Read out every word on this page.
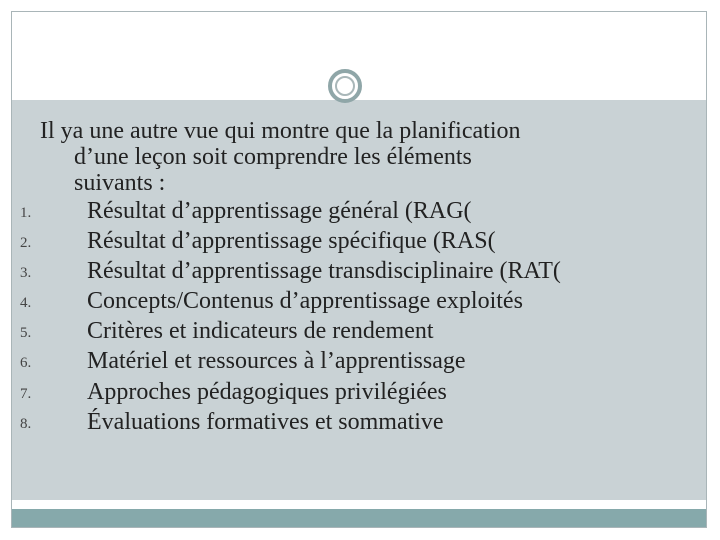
Il ya une autre vue qui montre que la planification
d’une leçon soit comprendre les éléments
suivants :
1.	Résultat d’apprentissage général (RAG(
2.	Résultat d’apprentissage spécifique (RAS(
3.	Résultat d’apprentissage transdisciplinaire (RAT(
4.	Concepts/Contenus d’apprentissage exploités
5.	Critères et indicateurs de rendement
6.	Matériel et ressources à l’apprentissage
7.	Approches pédagogiques privilégiées
8.	Évaluations formatives et sommative
